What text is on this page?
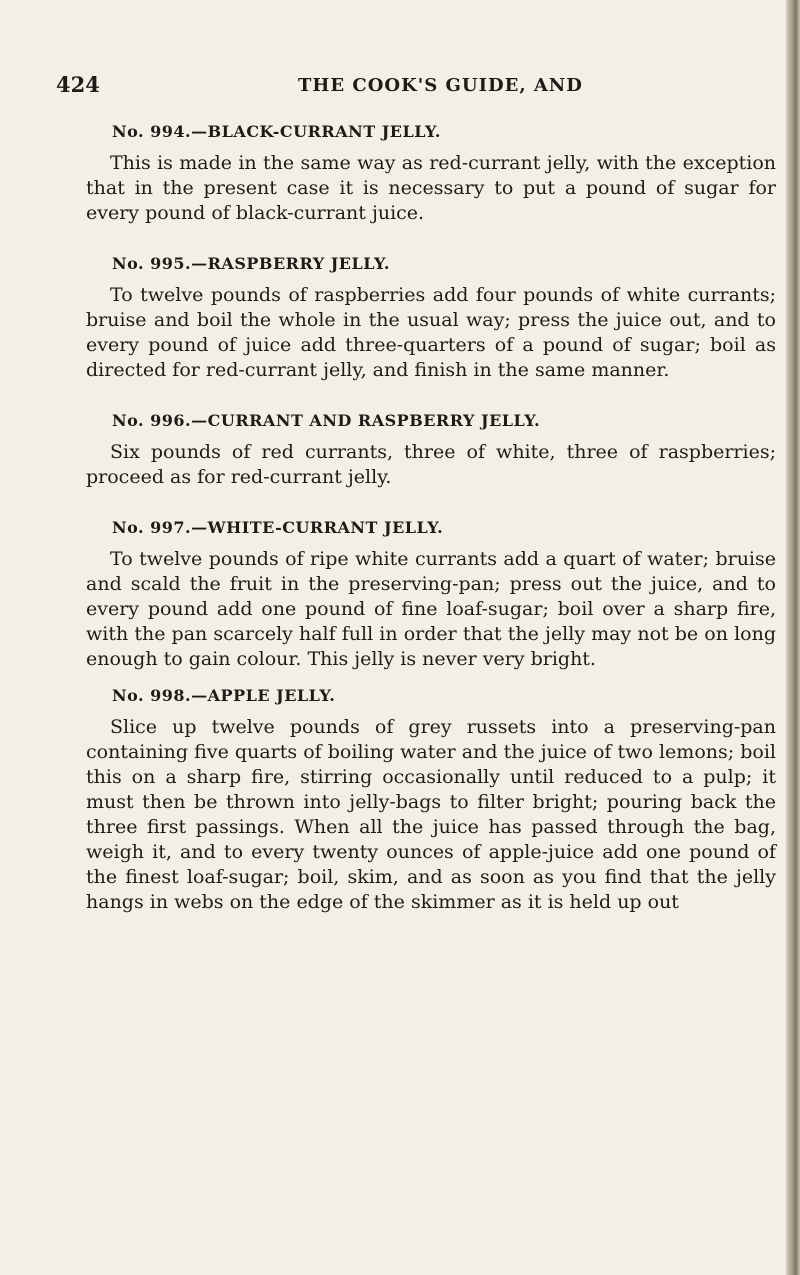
424	THE COOK'S GUIDE, AND
No. 994.—BLACK-CURRANT JELLY.

This is made in the same way as red-currant jelly, with the exception that in the present case it is necessary to put a pound of sugar for every pound of black-currant juice.

No. 995.—RASPBERRY JELLY.

To twelve pounds of raspberries add four pounds of white currants; bruise and boil the whole in the usual way; press the juice out, and to every pound of juice add three-quarters of a pound of sugar; boil as directed for red-currant jelly, and finish in the same manner.

No. 996.—CURRANT AND RASPBERRY JELLY.

Six pounds of red currants, three of white, three of raspberries; proceed as for red-currant jelly.

No. 997.—WHITE-CURRANT JELLY.

To twelve pounds of ripe white currants add a quart of water; bruise and scald the fruit in the preserving-pan; press out the juice, and to every pound add one pound of fine loaf-sugar; boil over a sharp fire, with the pan scarcely half full in order that the jelly may not be on long enough to gain colour. This jelly is never very bright.

No. 998.—APPLE JELLY.

Slice up twelve pounds of grey russets into a preserving-pan containing five quarts of boiling water and the juice of two lemons; boil this on a sharp fire, stirring occasionally until reduced to a pulp; it must then be thrown into jelly-bags to filter bright; pouring back the three first passings. When all the juice has passed through the bag, weigh it, and to every twenty ounces of apple-juice add one pound of the finest loaf-sugar; boil, skim, and as soon as you find that the jelly hangs in webs on the edge of the skimmer as it is held up out
